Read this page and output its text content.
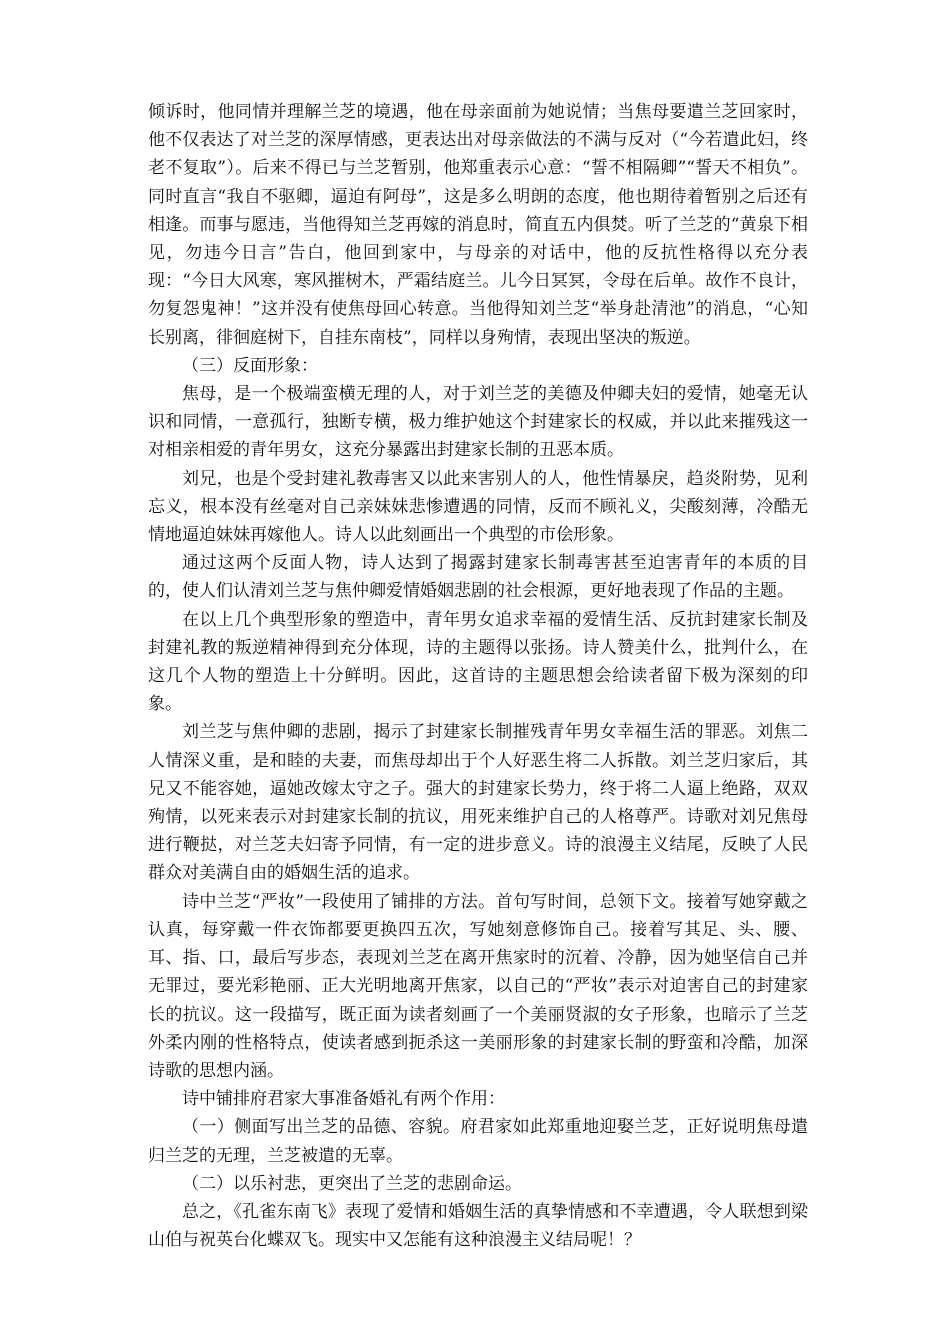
倾诉时，他同情并理解兰芝的境遇，他在母亲面前为她说情；当焦母要遣兰芝回家时，他不仅表达了对兰芝的深厚情感，更表达出对母亲做法的不满与反对（“今若遣此妇，终老不复取”）。后来不得已与兰芝暂别，他郑重表示心意：“誓不相隔卿”“誓天不相负”。同时直言“我自不驱卿，逼迫有阿母”，这是多么明朗的态度，他也期待着暂别之后还有相逢。而事与愿违，当他得知兰芝再嫁的消息时，简直五内俱焚。听了兰芝的“黄泉下相见，勿违今日言”告白，他回到家中，与母亲的对话中，他的反抗性格得以充分表现：“今日大风寒，寒风摧树木，严霜结庭兰。儿今日冥冥，令母在后单。故作不良计，勿复怨鬼神！”这并没有使焦母回心转意。当他得知刘兰芝“举身赴清池”的消息，“心知长别离，徘徊庭树下，自挂东南枝”，同样以身殉情，表现出坚决的叛逆。

（三）反面形象：

焦母，是一个极端蛮横无理的人，对于刘兰芝的美德及仲卿夫妇的爱情，她毫无认识和同情，一意孤行，独断专横，极力维护她这个封建家长的权威，并以此来摧残这一对相亲相爱的青年男女，这充分暴露出封建家长制的丑恶本质。

刘兄，也是个受封建礼教毒害又以此来害别人的人，他性情暴戾，趋炎附势，见利忘义，根本没有丝毫对自己亲妹妹悲惨遭遇的同情，反而不顾礼义，尖酸刻薄，冷酷无情地逼迫妹妹再嫁他人。诗人以此刻画出一个典型的市侩形象。

通过这两个反面人物，诗人达到了揭露封建家长制毒害甚至迫害青年的本质的目的，使人们认清刘兰芝与焦仲卿爱情婚姻悲剧的社会根源，更好地表现了作品的主题。

在以上几个典型形象的塑造中，青年男女追求幸福的爱情生活、反抗封建家长制及封建礼教的叛逆精神得到充分体现，诗的主题得以张扬。诗人赞美什么，批判什么，在这几个人物的塑造上十分鲜明。因此，这首诗的主题思想会给读者留下极为深刻的印象。

刘兰芝与焦仲卿的悲剧，揭示了封建家长制摧残青年男女幸福生活的罪恶。刘焦二人情深义重，是和睦的夫妻，而焦母却出于个人好恶生将二人拆散。刘兰芝归家后，其兄又不能容她，逼她改嫁太守之子。强大的封建家长势力，终于将二人逼上绝路，双双殉情，以死来表示对封建家长制的抗议，用死来维护自己的人格尊严。诗歌对刘兄焦母进行鞭挞，对兰芝夫妇寄予同情，有一定的进步意义。诗的浪漫主义结尾，反映了人民群众对美满自由的婚姻生活的追求。

诗中兰芝“严妆”一段使用了铺排的方法。首句写时间，总领下文。接着写她穿戴之认真，每穿戴一件衣饰都要更换四五次，写她刻意修饰自己。接着写其足、头、腰、耳、指、口，最后写步态，表现刘兰芝在离开焦家时的沉着、冷静，因为她坚信自己并无罪过，要光彩艳丽、正大光明地离开焦家，以自己的“严妆”表示对迫害自己的封建家长的抗议。这一段描写，既正面为读者刻画了一个美丽贤淑的女子形象，也暗示了兰芝外柔内刚的性格特点，使读者感到扼杀这一美丽形象的封建家长制的野蛮和冷酷，加深诗歌的思想内涵。

诗中铺排府君家大事准备婚礼有两个作用：

（一）侧面写出兰芝的品德、容貌。府君家如此郑重地迎娶兰芝，正好说明焦母遣归兰芝的无理，兰芝被遣的无辜。

（二）以乐衬悲，更突出了兰芝的悲剧命运。

总之，《孔雀东南飞》表现了爱情和婚姻生活的真挚情感和不幸遭遇，令人联想到梁山伯与祝英台化蝶双飞。现实中又怎能有这种浪漫主义结局呢！？
